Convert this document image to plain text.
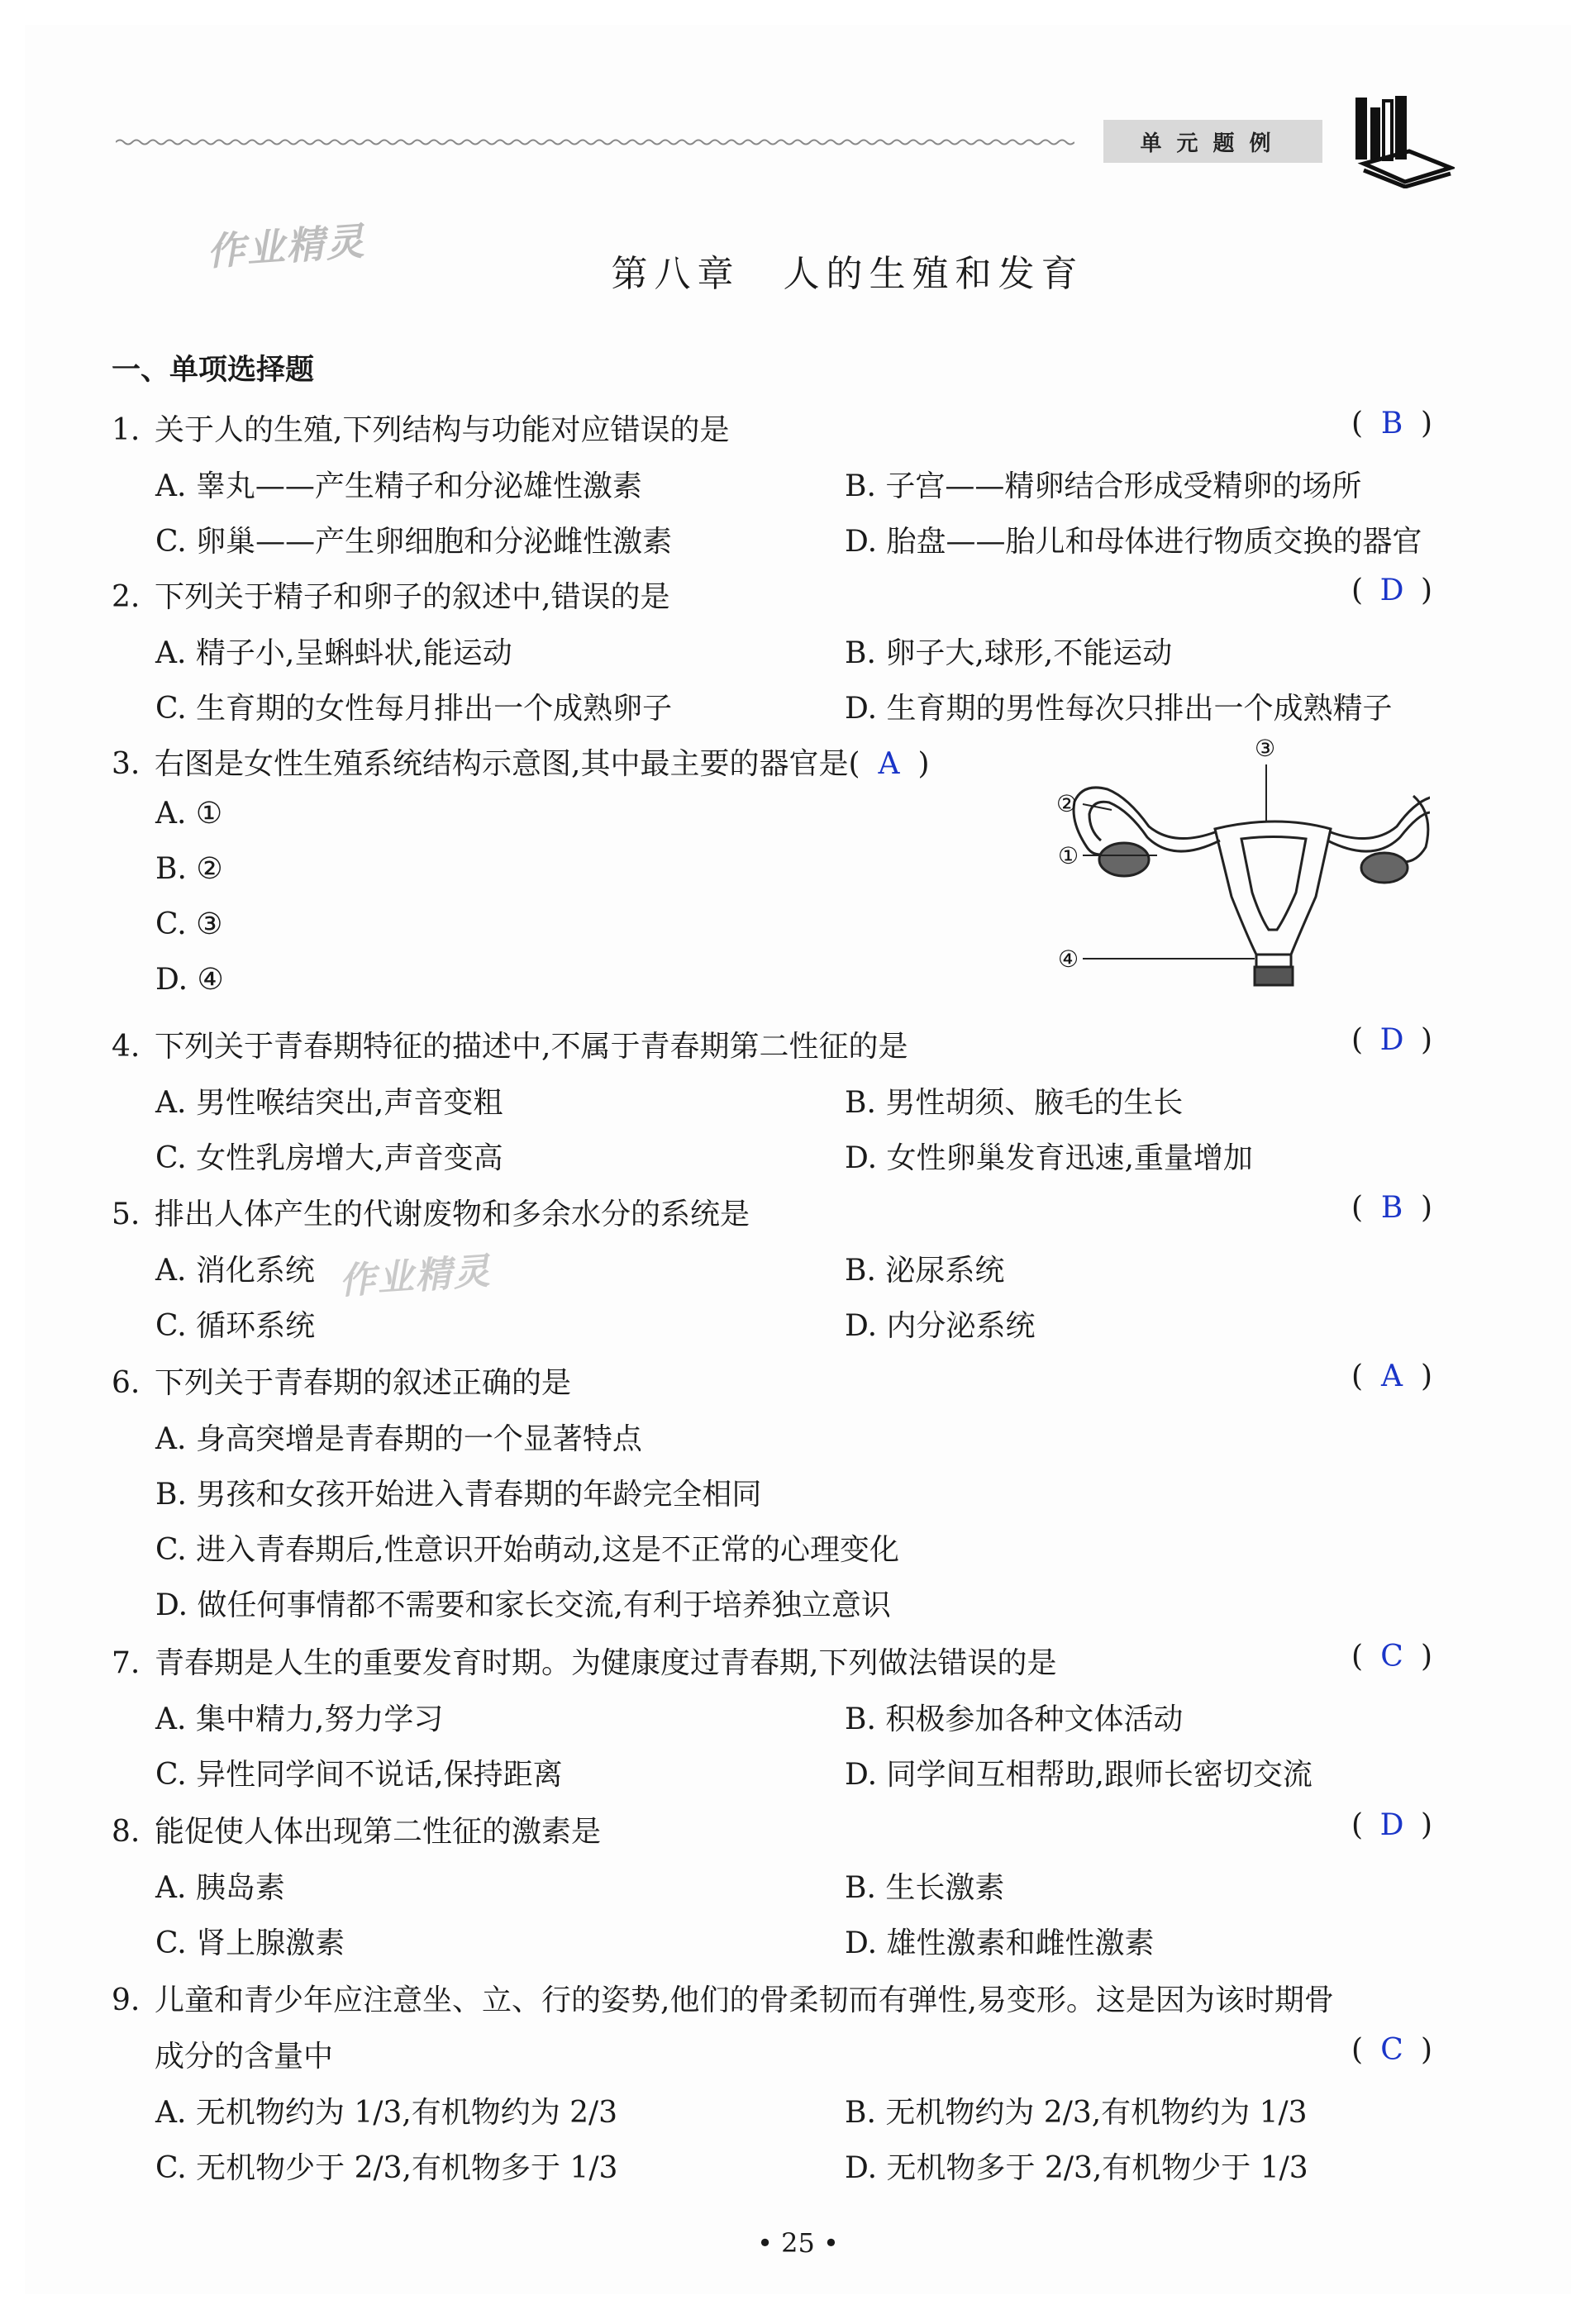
单元题例
作业精灵
作业精灵
第八章　人的生殖和发育
一、单项选择题
1. 关于人的生殖,下列结构与功能对应错误的是	( B )
A. 睾丸——产生精子和分泌雄性激素	B. 子宫——精卵结合形成受精卵的场所
C. 卵巢——产生卵细胞和分泌雌性激素	D. 胎盘——胎儿和母体进行物质交换的器官
2. 下列关于精子和卵子的叙述中,错误的是	( D )
A. 精子小,呈蝌蚪状,能运动	B. 卵子大,球形,不能运动
C. 生育期的女性每月排出一个成熟卵子	D. 生育期的男性每次只排出一个成熟精子
3. 右图是女性生殖系统结构示意图,其中最主要的器官是( A )
A. ①
B. ②
C. ③
D. ④
③
②
①
④
4. 下列关于青春期特征的描述中,不属于青春期第二性征的是	( D )
A. 男性喉结突出,声音变粗	B. 男性胡须、腋毛的生长
C. 女性乳房增大,声音变高	D. 女性卵巢发育迅速,重量增加
5. 排出人体产生的代谢废物和多余水分的系统是	( B )
A. 消化系统	B. 泌尿系统
C. 循环系统	D. 内分泌系统
6. 下列关于青春期的叙述正确的是	( A )
A. 身高突增是青春期的一个显著特点
B. 男孩和女孩开始进入青春期的年龄完全相同
C. 进入青春期后,性意识开始萌动,这是不正常的心理变化
D. 做任何事情都不需要和家长交流,有利于培养独立意识
7. 青春期是人生的重要发育时期。为健康度过青春期,下列做法错误的是	( C )
A. 集中精力,努力学习	B. 积极参加各种文体活动
C. 异性同学间不说话,保持距离	D. 同学间互相帮助,跟师长密切交流
8. 能促使人体出现第二性征的激素是	( D )
A. 胰岛素	B. 生长激素
C. 肾上腺激素	D. 雄性激素和雌性激素
9. 儿童和青少年应注意坐、立、行的姿势,他们的骨柔韧而有弹性,易变形。这是因为该时期骨
成分的含量中	( C )
A. 无机物约为 1/3,有机物约为 2/3	B. 无机物约为 2/3,有机物约为 1/3
C. 无机物少于 2/3,有机物多于 1/3	D. 无机物多于 2/3,有机物少于 1/3
• 25 •
